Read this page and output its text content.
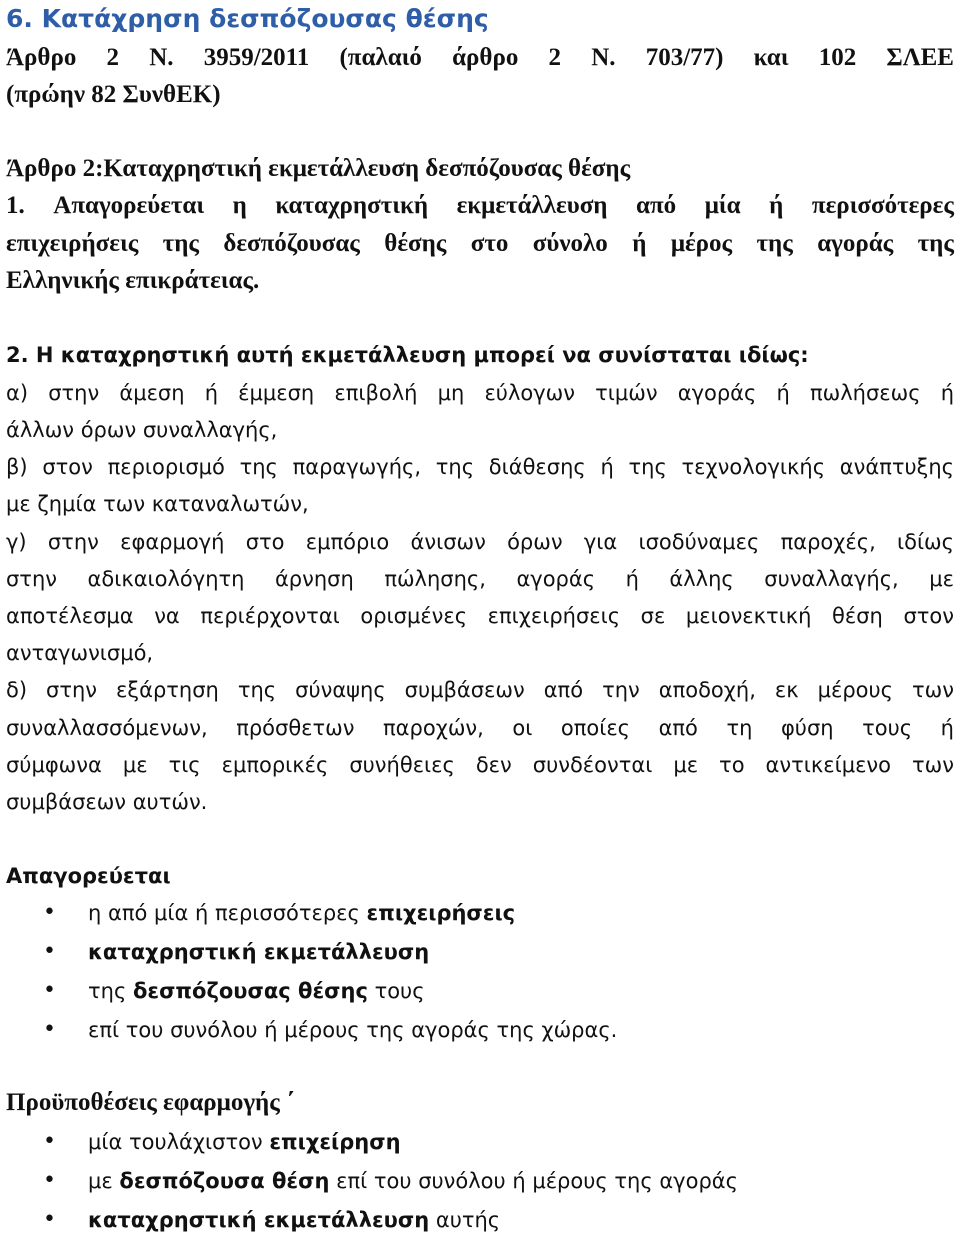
6. Κατάχρηση δεσπόζουσας θέσης
Άρθρο 2 Ν. 3959/2011 (παλαιό άρθρο 2 Ν. 703/77) και 102 ΣΛΕΕ
(πρώην 82 ΣυνθΕΚ)
Άρθρο 2:Καταχρηστική εκμετάλλευση δεσπόζουσας θέσης
1. Απαγορεύεται η καταχρηστική εκμετάλλευση από μία ή περισσότερες
επιχειρήσεις της δεσπόζουσας θέσης στο σύνολο ή μέρος της αγοράς της
Ελληνικής επικράτειας.
2. Η καταχρηστική αυτή εκμετάλλευση μπορεί να συνίσταται ιδίως:
α) στην άμεση ή έμμεση επιβολή μη εύλογων τιμών αγοράς ή πωλήσεως ή
άλλων όρων συναλλαγής,
β) στον περιορισμό της παραγωγής, της διάθεσης ή της τεχνολογικής ανάπτυξης
με ζημία των καταναλωτών,
γ) στην εφαρμογή στο εμπόριο άνισων όρων για ισοδύναμες παροχές, ιδίως
στην αδικαιολόγητη άρνηση πώλησης, αγοράς ή άλλης συναλλαγής, με
αποτέλεσμα να περιέρχονται ορισμένες επιχειρήσεις σε μειονεκτική θέση στον
ανταγωνισμό,
δ) στην εξάρτηση της σύναψης συμβάσεων από την αποδοχή, εκ μέρους των
συναλλασσόμενων, πρόσθετων παροχών, οι οποίες από τη φύση τους ή
σύμφωνα με τις εμπορικές συνήθειες δεν συνδέονται με το αντικείμενο των
συμβάσεων αυτών.
Απαγορεύεται
• η από μία ή περισσότερες επιχειρήσεις
• καταχρηστική εκμετάλλευση
• της δεσπόζουσας θέσης τους
• επί του συνόλου ή μέρους της αγοράς της χώρας.
Προϋποθέσεις εφαρμογής ΄
• μία τουλάχιστον επιχείρηση
• με δεσπόζουσα θέση επί του συνόλου ή μέρους της αγοράς
• καταχρηστική εκμετάλλευση αυτής
